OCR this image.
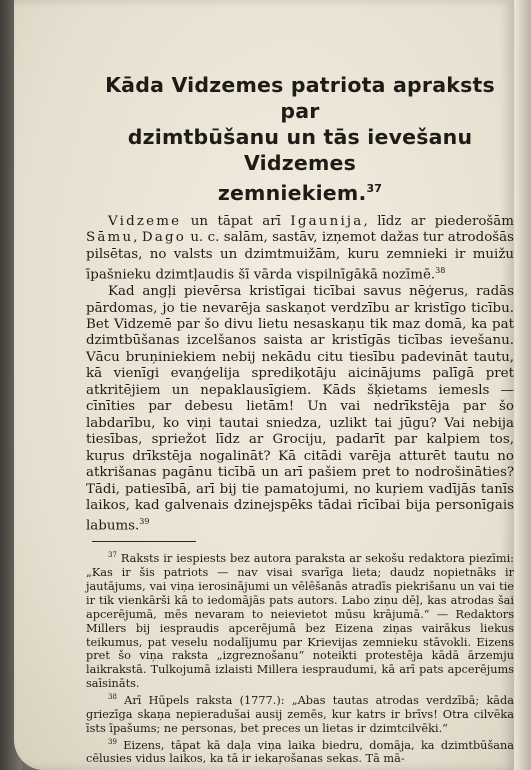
Kāda Vidzemes patriota apraksts par
dzimtbūšanu un tās ievešanu Vidzemes
zemniekiem.$^{37}$

Vidzeme un tāpat arī Igaunija, līdz ar piederošām Sāmu, Dago u. c. salām, sastāv, izņemot dažas tur atrodošās pilsētas, no valsts un dzimtmuižām, kuru zemnieki ir muižu īpašnieku dzimtļaudis šī vārda vispilnīgākā nozīmē.$^{38}$

Kad angļi pievērsa kristīgai ticībai savus nēģerus, radās pārdomas, jo tie nevarēja saskaņot verdzību ar kristīgo ticību. Bet Vidzemē par šo divu lietu nesaskaņu tik maz domā, ka pat dzimtbūšanas izcelšanos saista ar kristīgās ticības ievešanu. Vācu bruņiniekiem nebij nekādu citu tiesību padevināt tautu, kā vienīgi evaņģelija sprediķotāju aicinājums palīgā pret atkritējiem un nepaklausīgiem. Kāds šķietams iemesls — cīnīties par debesu lietām! Un vai nedrīkstēja par šo labdarību, ko viņi tautai sniedza, uzlikt tai jūgu? Vai nebija tiesības, spriežot līdz ar Grociju, padarīt par kalpiem tos, kuŗus drīkstēja nogalināt? Kā citādi varēja atturēt tautu no atkrišanas pagānu ticībā un arī pašiem pret to nodrošināties? Tādi, patiesībā, arī bij tie pamatojumi, no kuŗiem vadījās tanīs laikos, kad galvenais dzinejspēks tādai rīcībai bija personīgais labums.$^{39}$

$^{37}$ Raksts ir iespiests bez autora paraksta ar sekošu redaktora piezīmi: „Kas ir šis patriots — nav visai svarīga lieta; daudz nopietnāks ir jautājums, vai viņa ierosinājumi un vēlēšanās atradīs piekrišanu un vai tie ir tik vienkārši kā to iedomājās pats autors. Labo ziņu dēļ, kas atrodas šai apcerējumā, mēs nevaram to neievietot mūsu krājumā.“ — Redaktors Millers bij iespraudis apcerējumā bez Eizena ziņas vairākus liekus teikumus, pat veselu nodalījumu par Krievijas zemnieku stāvokli. Eizens pret šo viņa raksta „izgreznošanu“ noteikti protestēja kādā ārzemju laikrakstā. Tulkojumā izlaisti Millera iespraudumi, kā arī pats apcerējums saīsināts.

$^{38}$ Arī Hūpels raksta (1777.): „Abas tautas atrodas verdzībā; kāda griezīga skaņa nepieradušai ausij zemēs, kur katrs ir brīvs! Otra cilvēka īsts īpašums; ne personas, bet preces un lietas ir dzimtcilvēki.“

$^{39}$ Eizens, tāpat kā daļa viņa laika biedru, domāja, ka dzimtbūšana cēlusies vidus laikos, ka tā ir iekaŗošanas sekas. Tā mā-
